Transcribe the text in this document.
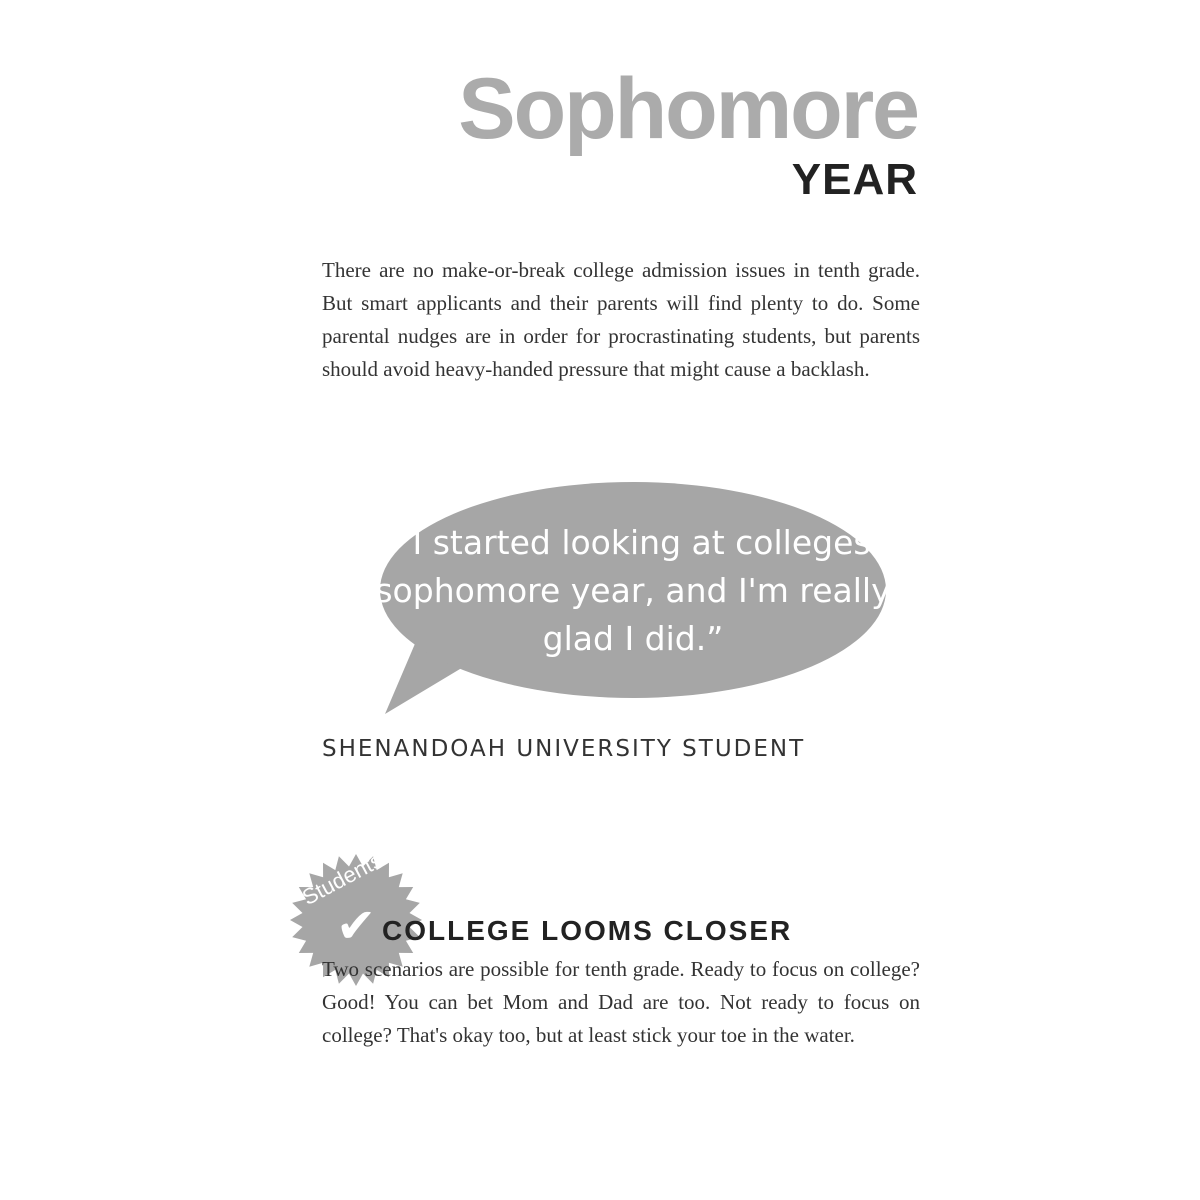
Sophomore
YEAR

There are no make-or-break college admission issues in tenth grade. But smart applicants and their parents will find plenty to do. Some parental nudges are in order for procrastinating students, but parents should avoid heavy-handed pressure that might cause a backlash.

“I started looking at colleges sophomore year, and I'm really glad I did.”

SHENANDOAH UNIVERSITY STUDENT
Students
✔ COLLEGE LOOMS CLOSER

Two scenarios are possible for tenth grade. Ready to focus on college? Good! You can bet Mom and Dad are too. Not ready to focus on college? That's okay too, but at least stick your toe in the water.
